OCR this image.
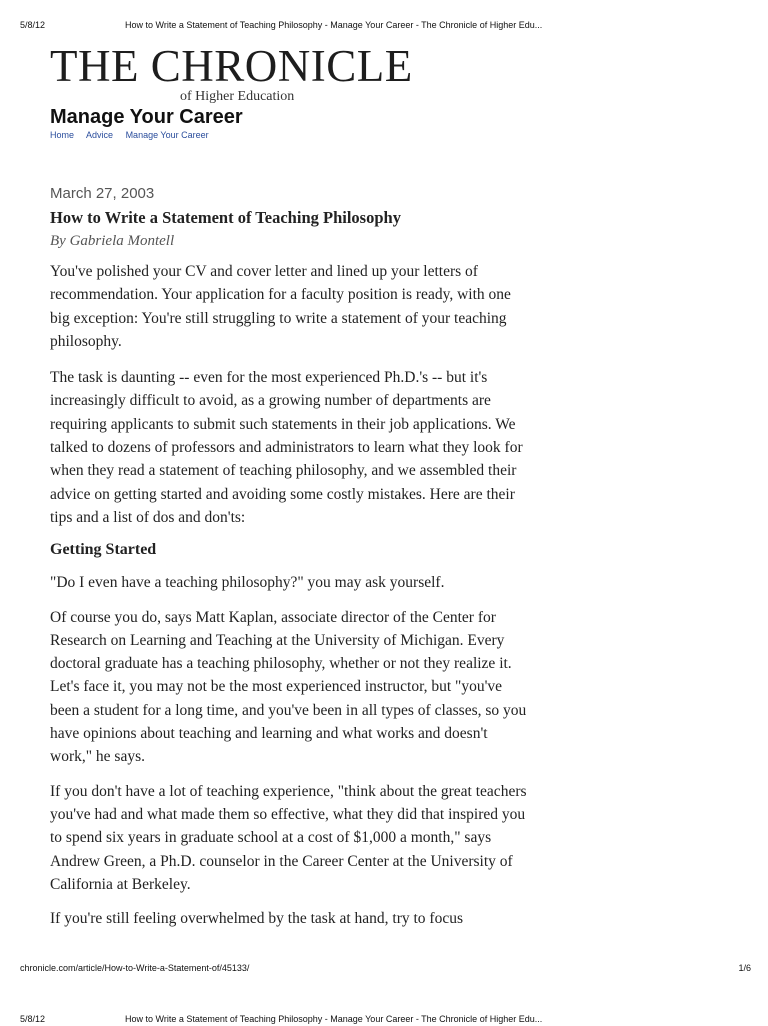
5/8/12	How to Write a Statement of Teaching Philosophy - Manage Your Career - The Chronicle of Higher Edu...
THE CHRONICLE
of Higher Education
Manage Your Career
Home Advice Manage Your Career

March 27, 2003

How to Write a Statement of Teaching Philosophy

By Gabriela Montell

You've polished your CV and cover letter and lined up your letters of recommendation. Your application for a faculty position is ready, with one big exception: You're still struggling to write a statement of your teaching philosophy.

The task is daunting -- even for the most experienced Ph.D.'s -- but it's increasingly difficult to avoid, as a growing number of departments are requiring applicants to submit such statements in their job applications. We talked to dozens of professors and administrators to learn what they look for when they read a statement of teaching philosophy, and we assembled their advice on getting started and avoiding some costly mistakes. Here are their tips and a list of dos and don'ts:

Getting Started

"Do I even have a teaching philosophy?" you may ask yourself.

Of course you do, says Matt Kaplan, associate director of the Center for Research on Learning and Teaching at the University of Michigan. Every doctoral graduate has a teaching philosophy, whether or not they realize it. Let's face it, you may not be the most experienced instructor, but "you've been a student for a long time, and you've been in all types of classes, so you have opinions about teaching and learning and what works and doesn't work," he says.

If you don't have a lot of teaching experience, "think about the great teachers you've had and what made them so effective, what they did that inspired you to spend six years in graduate school at a cost of $1,000 a month," says Andrew Green, a Ph.D. counselor in the Career Center at the University of California at Berkeley.

If you're still feeling overwhelmed by the task at hand, try to focus

chronicle.com/article/How-to-Write-a-Statement-of/45133/	1/6
5/8/12	How to Write a Statement of Teaching Philosophy - Manage Your Career - The Chronicle of Higher Edu...
